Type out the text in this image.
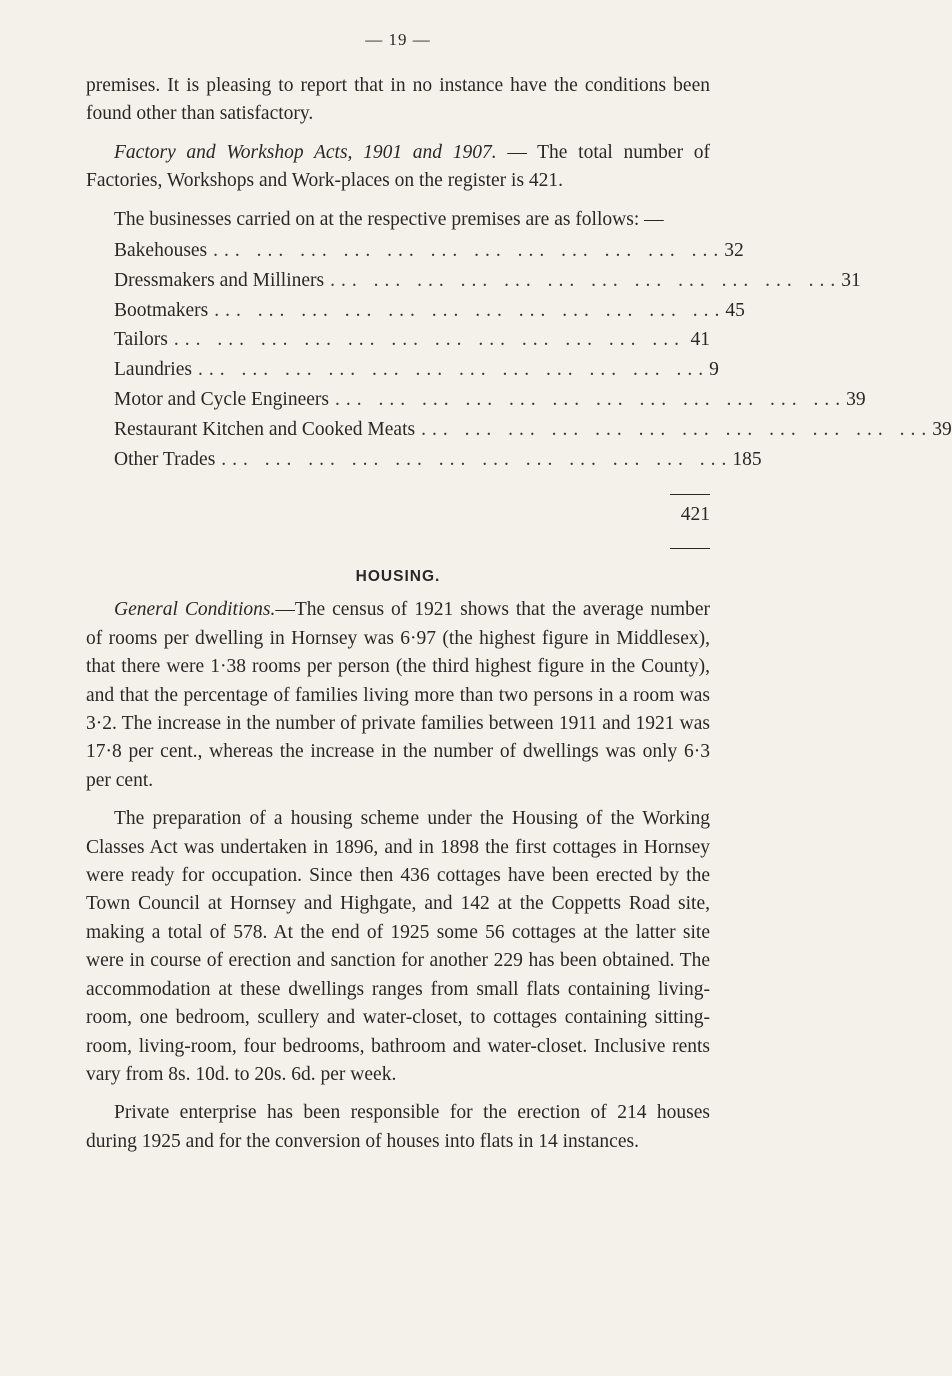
— 19 —

premises. It is pleasing to report that in no instance have the conditions been found other than satisfactory.

Factory and Workshop Acts, 1901 and 1907. — The total number of Factories, Workshops and Work-places on the register is 421.

The businesses carried on at the respective premises are as follows: —

Bakehouses ... ... ... ... ... ... ... ... ... ... ... ... 32
Dressmakers and Milliners ... ... ... ... ... ... ... ... ... ... ... ... 31
Bootmakers ... ... ... ... ... ... ... ... ... ... ... ... 45
Tailors ... ... ... ... ... ... ... ... ... ... ... ... 41
Laundries ... ... ... ... ... ... ... ... ... ... ... ... 9
Motor and Cycle Engineers ... ... ... ... ... ... ... ... ... ... ... ... 39
Restaurant Kitchen and Cooked Meats ... ... ... ... ... ... ... ... ... ... ... ... 39
Other Trades ... ... ... ... ... ... ... ... ... ... ... ... 185
421
HOUSING.

General Conditions.—The census of 1921 shows that the average number of rooms per dwelling in Hornsey was 6·97 (the highest figure in Middlesex), that there were 1·38 rooms per person (the third highest figure in the County), and that the percentage of families living more than two persons in a room was 3·2. The increase in the number of private families between 1911 and 1921 was 17·8 per cent., whereas the increase in the number of dwellings was only 6·3 per cent.

The preparation of a housing scheme under the Housing of the Working Classes Act was undertaken in 1896, and in 1898 the first cottages in Hornsey were ready for occupation. Since then 436 cottages have been erected by the Town Council at Hornsey and Highgate, and 142 at the Coppetts Road site, making a total of 578. At the end of 1925 some 56 cottages at the latter site were in course of erection and sanction for another 229 has been obtained. The accommodation at these dwellings ranges from small flats containing living-room, one bedroom, scullery and water-closet, to cottages containing sitting-room, living-room, four bedrooms, bathroom and water-closet. Inclusive rents vary from 8s. 10d. to 20s. 6d. per week.

Private enterprise has been responsible for the erection of 214 houses during 1925 and for the conversion of houses into flats in 14 instances.
